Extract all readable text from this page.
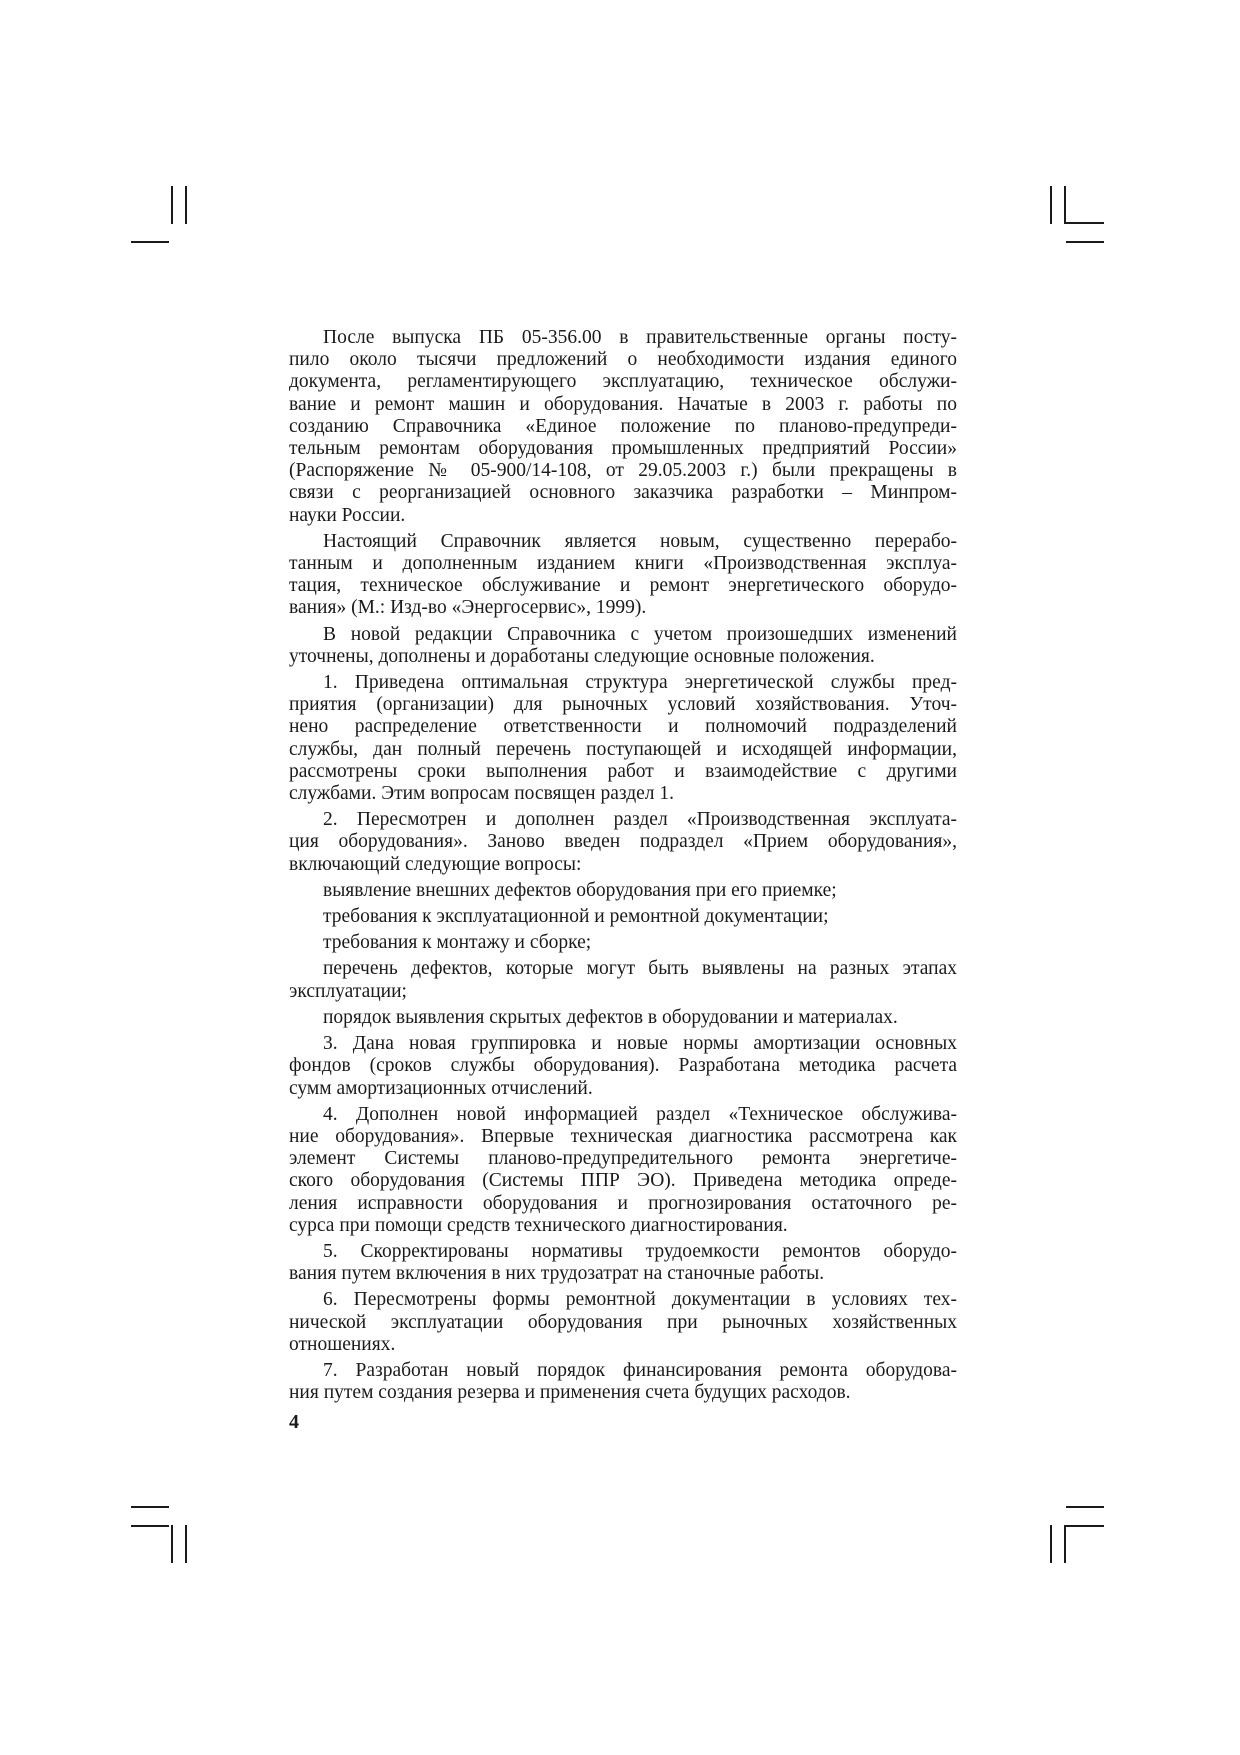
После выпуска ПБ 05-356.00 в правительственные органы посту-
пило около тысячи предложений о необходимости издания единого
документа, регламентирующего эксплуатацию, техническое обслужи-
вание и ремонт машин и оборудования. Начатые в 2003 г. работы по
созданию Справочника «Единое положение по планово-предупреди-
тельным ремонтам оборудования промышленных предприятий России»
(Распоряжение № 05-900/14-108, от 29.05.2003 г.) были прекращены в
связи с реорганизацией основного заказчика разработки – Минпром-
науки России.

Настоящий Справочник является новым, существенно перерабо-
танным и дополненным изданием книги «Производственная эксплуа-
тация, техническое обслуживание и ремонт энергетического оборудо-
вания» (М.: Изд-во «Энергосервис», 1999).

В новой редакции Справочника с учетом произошедших изменений
уточнены, дополнены и доработаны следующие основные положения.

1. Приведена оптимальная структура энергетической службы пред-
приятия (организации) для рыночных условий хозяйствования. Уточ-
нено распределение ответственности и полномочий подразделений
службы, дан полный перечень поступающей и исходящей информации,
рассмотрены сроки выполнения работ и взаимодействие с другими
службами. Этим вопросам посвящен раздел 1.

2. Пересмотрен и дополнен раздел «Производственная эксплуата-
ция оборудования». Заново введен подраздел «Прием оборудования»,
включающий следующие вопросы:

выявление внешних дефектов оборудования при его приемке;

требования к эксплуатационной и ремонтной документации;

требования к монтажу и сборке;

перечень дефектов, которые могут быть выявлены на разных этапах
эксплуатации;

порядок выявления скрытых дефектов в оборудовании и материалах.

3. Дана новая группировка и новые нормы амортизации основных
фондов (сроков службы оборудования). Разработана методика расчета
сумм амортизационных отчислений.

4. Дополнен новой информацией раздел «Техническое обслужива-
ние оборудования». Впервые техническая диагностика рассмотрена как
элемент Системы планово-предупредительного ремонта энергетиче-
ского оборудования (Системы ППР ЭО). Приведена методика опреде-
ления исправности оборудования и прогнозирования остаточного ре-
сурса при помощи средств технического диагностирования.

5. Скорректированы нормативы трудоемкости ремонтов оборудо-
вания путем включения в них трудозатрат на станочные работы.

6. Пересмотрены формы ремонтной документации в условиях тех-
нической эксплуатации оборудования при рыночных хозяйственных
отношениях.

7. Разработан новый порядок финансирования ремонта оборудова-
ния путем создания резерва и применения счета будущих расходов.

4
